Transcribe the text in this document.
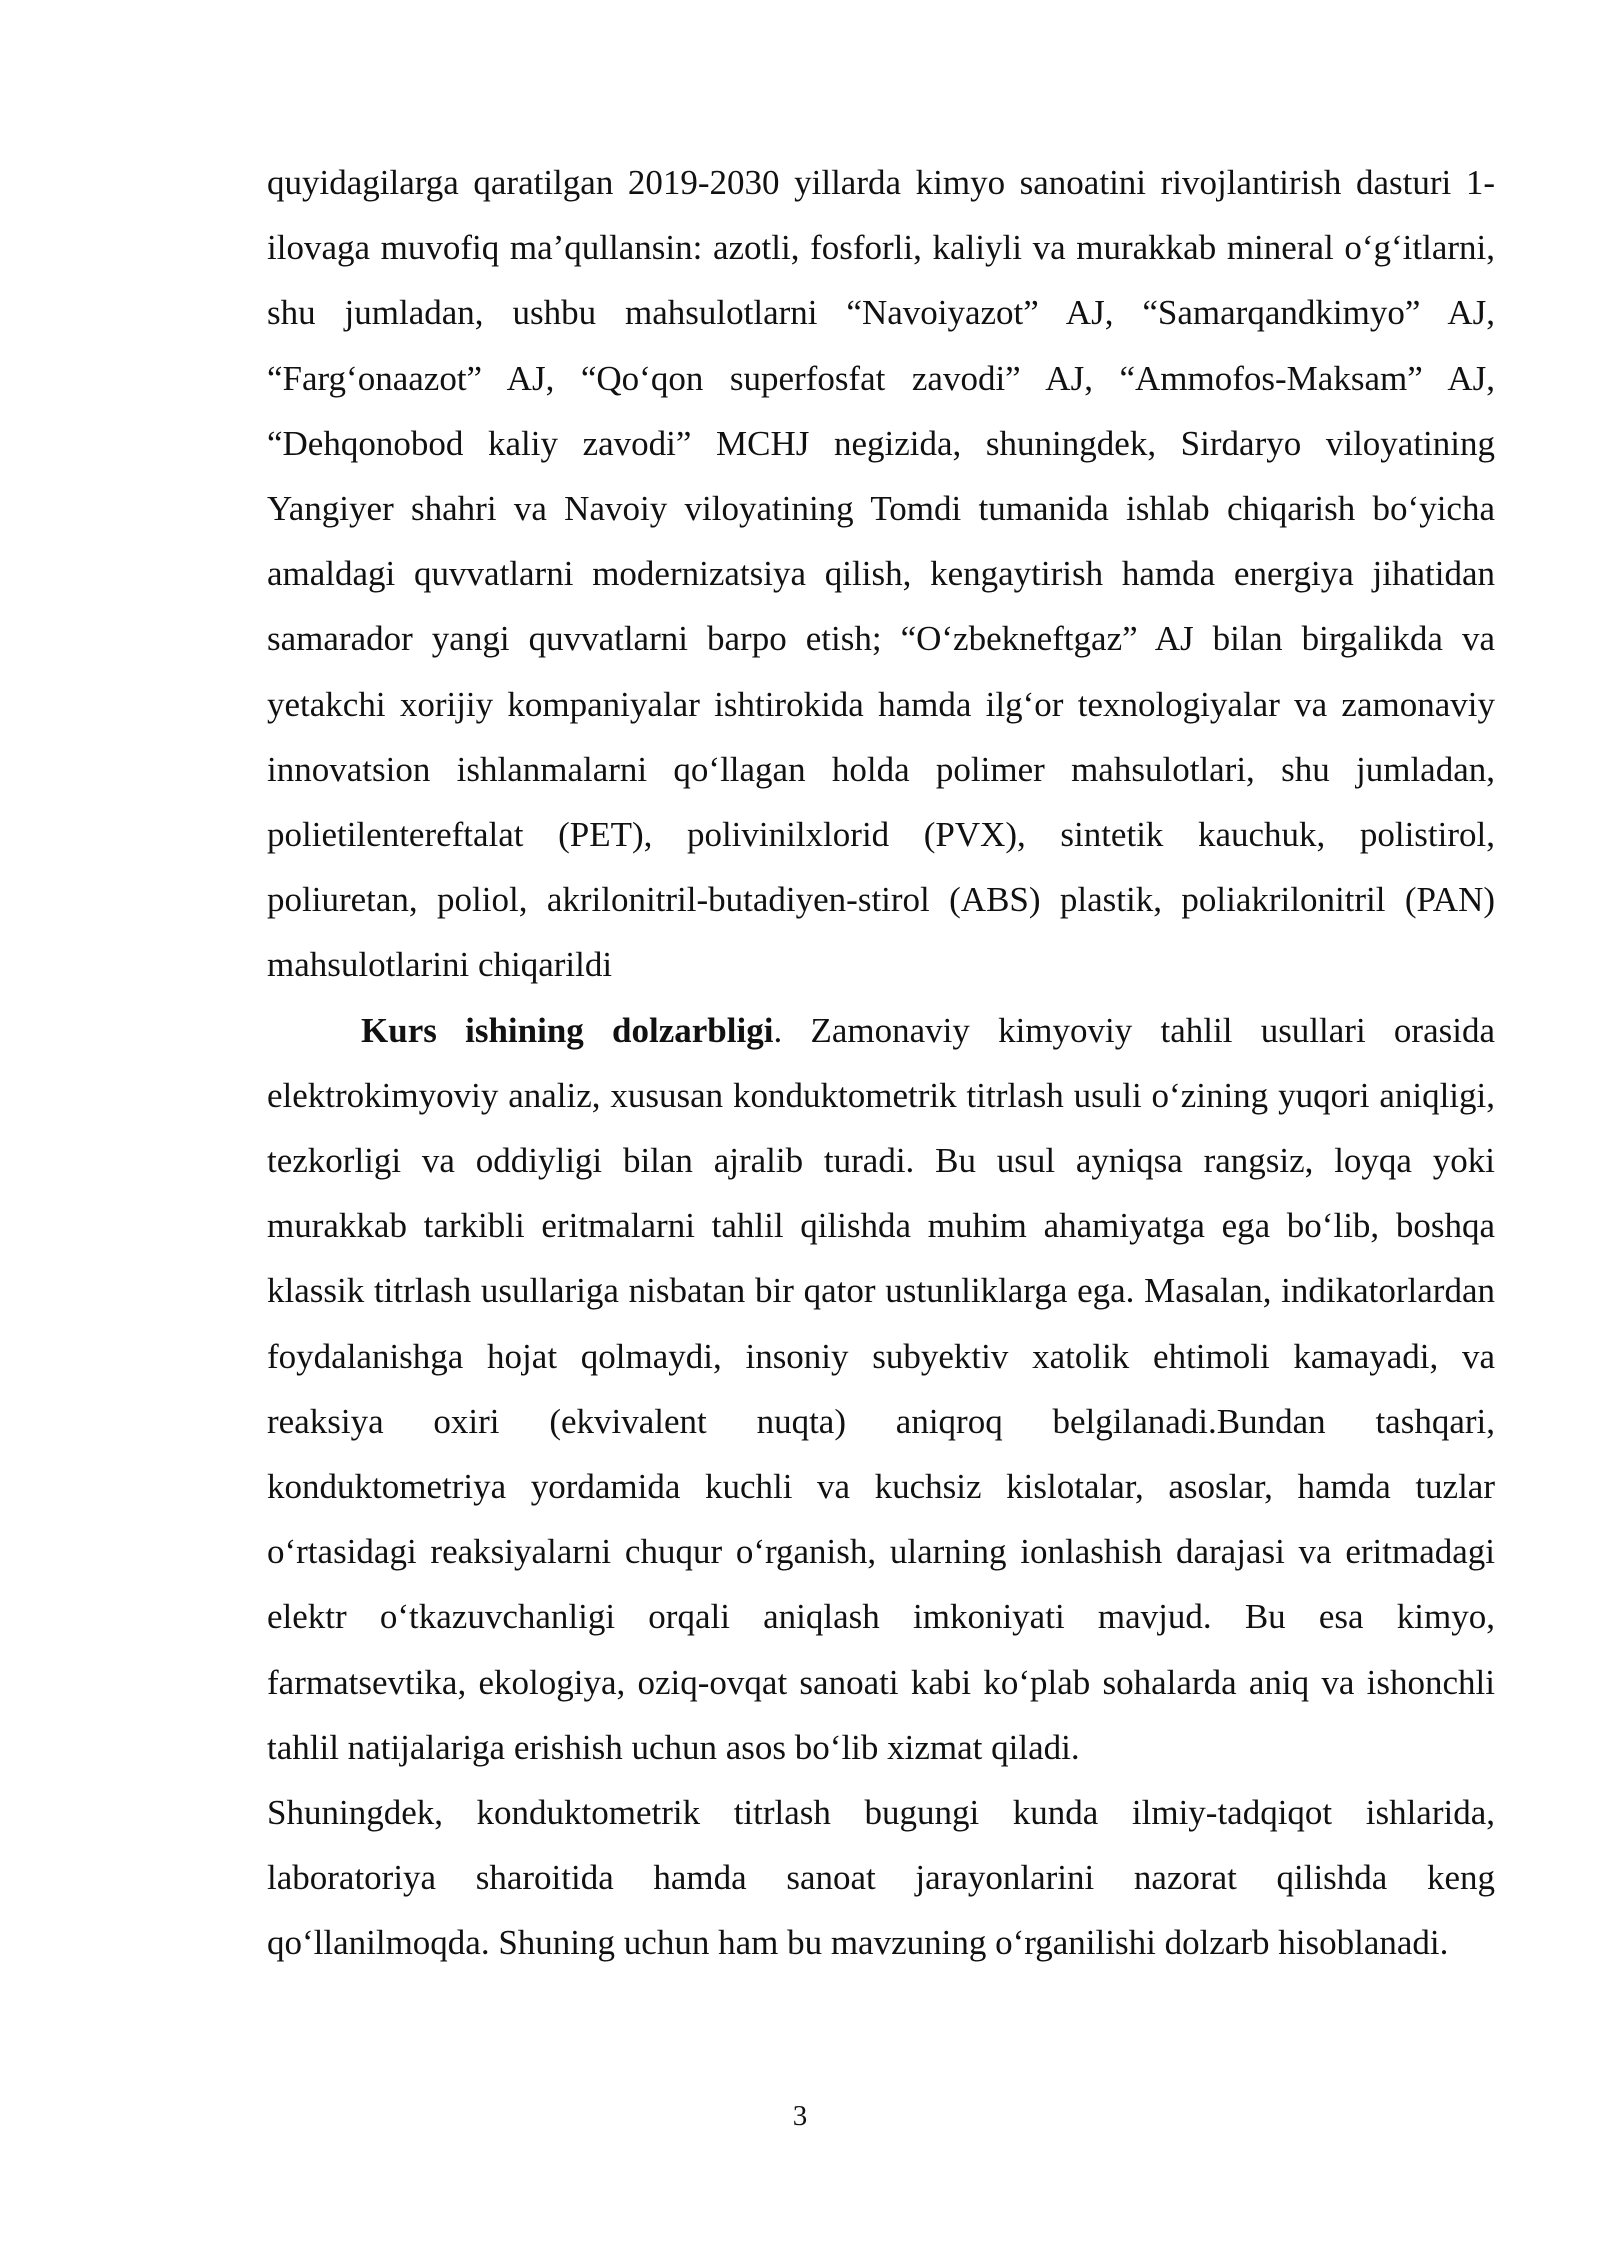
quyidagilarga qaratilgan 2019-2030 yillarda kimyo sanoatini rivojlantirish dasturi 1-ilovaga muvofiq ma’qullansin: azotli, fosforli, kaliyli va murakkab mineral o‘g‘itlarni, shu jumladan, ushbu mahsulotlarni “Navoiyazot” AJ, “Samarqandkimyo” AJ, “Farg‘onaazot” AJ, “Qo‘qon superfosfat zavodi” AJ, “Ammofos-Maksam” AJ, “Dehqonobod kaliy zavodi” MCHJ negizida, shuningdek, Sirdaryo viloyatining Yangiyer shahri va Navoiy viloyatining Tomdi tumanida ishlab chiqarish bo‘yicha amaldagi quvvatlarni modernizatsiya qilish, kengaytirish hamda energiya jihatidan samarador yangi quvvatlarni barpo etish; “O‘zbekneftgaz” AJ bilan birgalikda va yetakchi xorijiy kompaniyalar ishtirokida hamda ilg‘or texnologiyalar va zamonaviy innovatsion ishlanmalarni qo‘llagan holda polimer mahsulotlari, shu jumladan, polietilentereftalat (PET), polivinilxlorid (PVX), sintetik kauchuk, polistirol, poliuretan, poliol, akrilonitril-butadiyen-stirol (ABS) plastik, poliakrilonitril (PAN) mahsulotlarini chiqarildi

Kurs ishining dolzarbligi. Zamonaviy kimyoviy tahlil usullari orasida elektrokimyoviy analiz, xususan konduktometrik titrlash usuli o‘zining yuqori aniqligi, tezkorligi va oddiyligi bilan ajralib turadi. Bu usul ayniqsa rangsiz, loyqa yoki murakkab tarkibli eritmalarni tahlil qilishda muhim ahamiyatga ega bo‘lib, boshqa klassik titrlash usullariga nisbatan bir qator ustunliklarga ega. Masalan, indikatorlardan foydalanishga hojat qolmaydi, insoniy subyektiv xatolik ehtimoli kamayadi, va reaksiya oxiri (ekvivalent nuqta) aniqroq belgilanadi.Bundan tashqari, konduktometriya yordamida kuchli va kuchsiz kislotalar, asoslar, hamda tuzlar o‘rtasidagi reaksiyalarni chuqur o‘rganish, ularning ionlashish darajasi va eritmadagi elektr o‘tkazuvchanligi orqali aniqlash imkoniyati mavjud. Bu esa kimyo, farmatsevtika, ekologiya, oziq-ovqat sanoati kabi ko‘plab sohalarda aniq va ishonchli tahlil natijalariga erishish uchun asos bo‘lib xizmat qiladi.

Shuningdek, konduktometrik titrlash bugungi kunda ilmiy-tadqiqot ishlarida, laboratoriya sharoitida hamda sanoat jarayonlarini nazorat qilishda keng qo‘llanilmoqda. Shuning uchun ham bu mavzuning o‘rganilishi dolzarb hisoblanadi.

3
